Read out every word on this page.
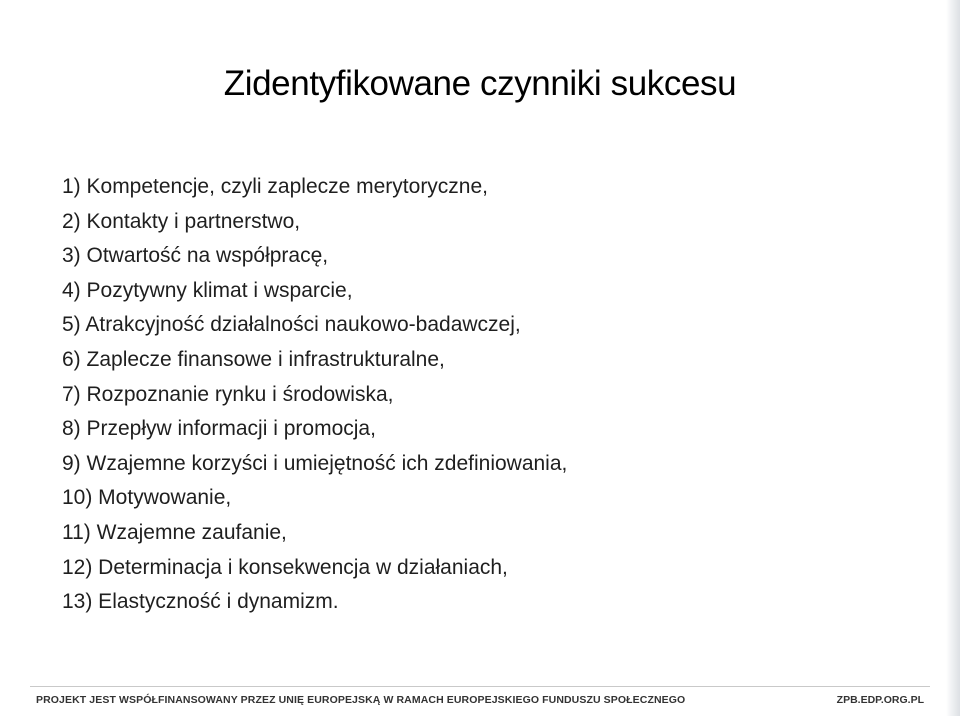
Zidentyfikowane czynniki sukcesu
1) Kompetencje, czyli zaplecze merytoryczne,
2) Kontakty i partnerstwo,
3) Otwartość na współpracę,
4) Pozytywny klimat i wsparcie,
5) Atrakcyjność działalności naukowo-badawczej,
6) Zaplecze finansowe i infrastrukturalne,
7) Rozpoznanie rynku i środowiska,
8) Przepływ informacji i promocja,
9) Wzajemne korzyści i umiejętność ich zdefiniowania,
10) Motywowanie,
11) Wzajemne zaufanie,
12) Determinacja i konsekwencja w działaniach,
13) Elastyczność i dynamizm.
PROJEKT JEST WSPÓŁFINANSOWANY PRZEZ UNIĘ EUROPEJSKĄ W RAMACH EUROPEJSKIEGO FUNDUSZU SPOŁECZNEGO	ZPB.EDP.ORG.PL
